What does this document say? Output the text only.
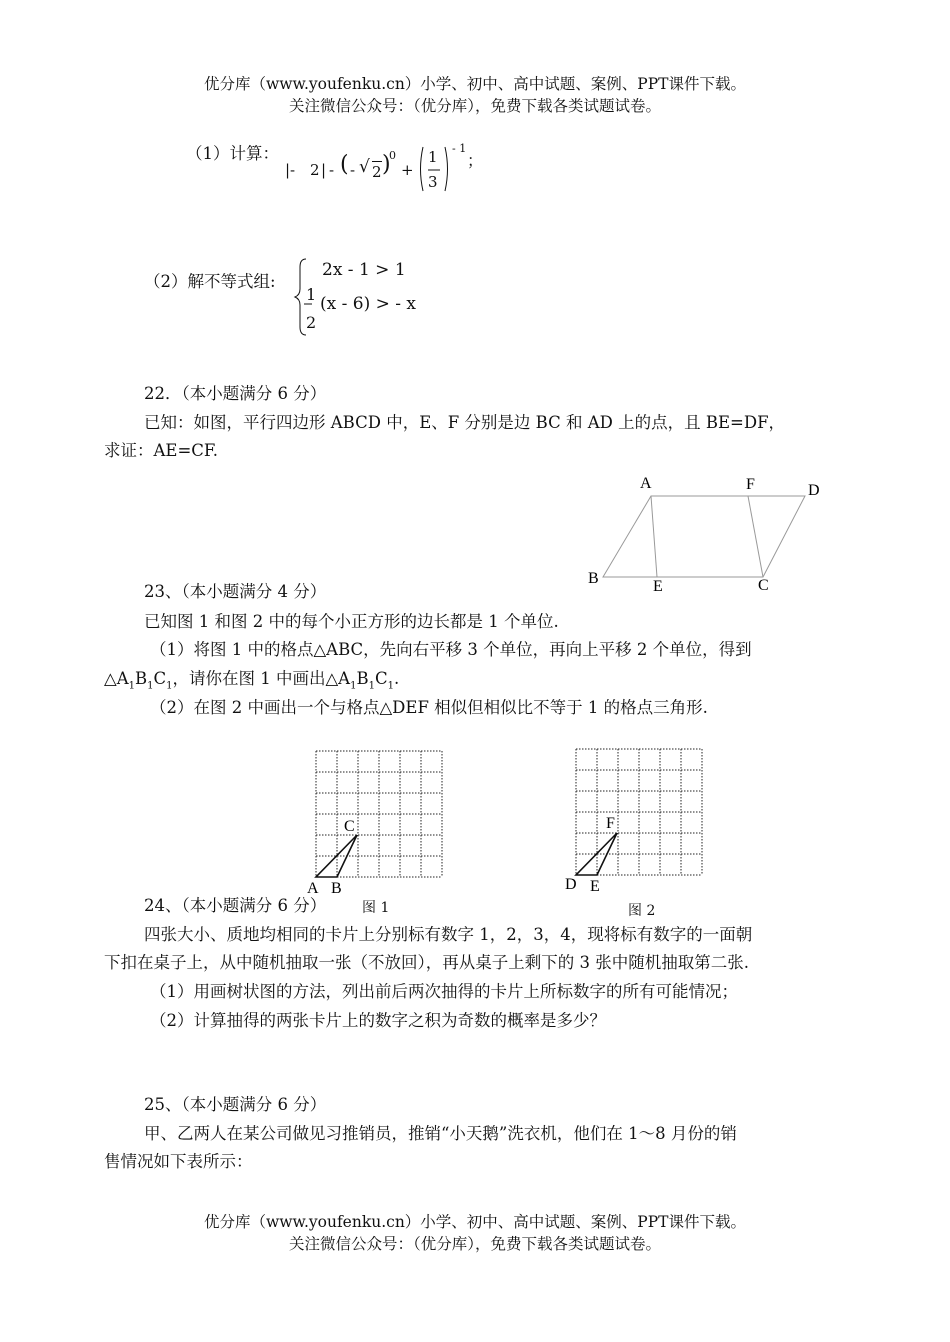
优分库（www.youfenku.cn）小学、初中、高中试题、案例、PPT课件下载。
关注微信公众号：（优分库），免费下载各类试题试卷。
（1）计算：
|- 2 | - ( - √ 2 )
0
+
1
3
- 1
；
（2）解不等式组:
2x - 1 > 1
1
2
(x - 6) > - x
22．（本小题满分 6 分）
已知：如图，平行四边形 ABCD 中，E、F 分别是边 BC 和 AD 上的点，且 BE=DF，
求证：AE=CF.
A	F	D
B	E	C
23、（本小题满分 4 分）
已知图 1 和图 2 中的每个小正方形的边长都是 1 个单位.
（1）将图 1 中的格点△ABC，先向右平移 3 个单位，再向上平移 2 个单位，得到
$\triangle A_1B_1C_1$，请你在图 1 中画出$\triangle A_1B_1C_1$.
（2）在图 2 中画出一个与格点△DEF 相似但相似比不等于 1 的格点三角形.
C
A B
图 1
F
D E
图 2
24、（本小题满分 6 分）
四张大小、质地均相同的卡片上分别标有数字 1，2，3，4，现将标有数字的一面朝
下扣在桌子上，从中随机抽取一张（不放回），再从桌子上剩下的 3 张中随机抽取第二张.
（1）用画树状图的方法，列出前后两次抽得的卡片上所标数字的所有可能情况；
（2）计算抽得的两张卡片上的数字之积为奇数的概率是多少？
25、（本小题满分 6 分）
甲、乙两人在某公司做见习推销员，推销“小天鹅”洗衣机，他们在 1～8 月份的销
售情况如下表所示：
优分库（www.youfenku.cn）小学、初中、高中试题、案例、PPT课件下载。
关注微信公众号：（优分库），免费下载各类试题试卷。
